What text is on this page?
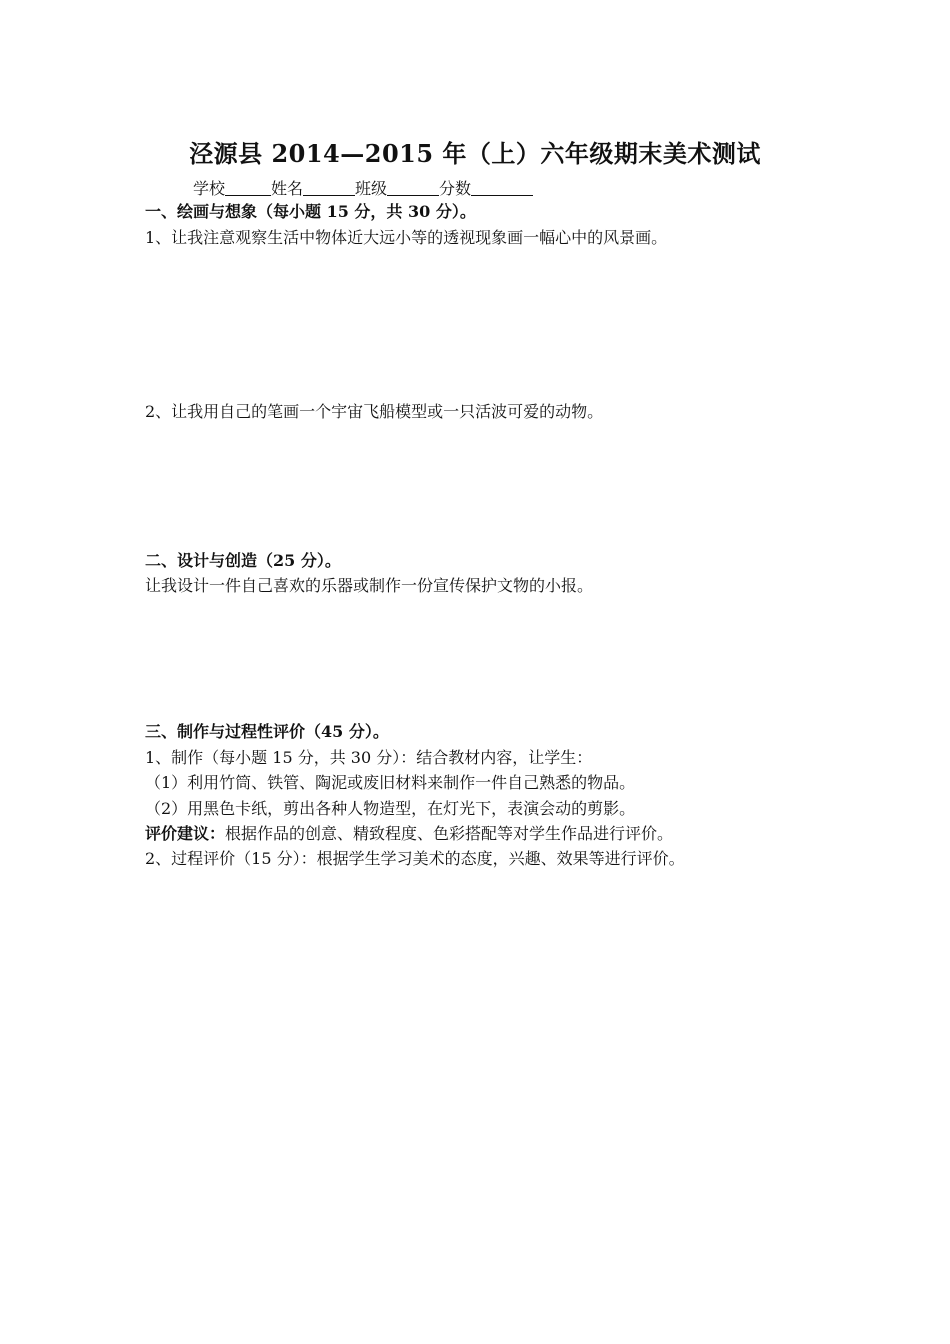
泾源县 2014—2015 年（上）六年级期末美术测试
学校	姓名	班级	分数
一、绘画与想象（每小题 15 分，共 30 分）。
1、让我注意观察生活中物体近大远小等的透视现象画一幅心中的风景画。
2、让我用自己的笔画一个宇宙飞船模型或一只活波可爱的动物。
二、设计与创造（25 分）。
让我设计一件自己喜欢的乐器或制作一份宣传保护文物的小报。
三、制作与过程性评价（45 分）。
1、制作（每小题 15 分，共 30 分）：结合教材内容，让学生：
（1）利用竹筒、铁管、陶泥或废旧材料来制作一件自己熟悉的物品。
（2）用黑色卡纸，剪出各种人物造型，在灯光下，表演会动的剪影。
评价建议：根据作品的创意、精致程度、色彩搭配等对学生作品进行评价。
2、过程评价（15 分）：根据学生学习美术的态度，兴趣、效果等进行评价。
